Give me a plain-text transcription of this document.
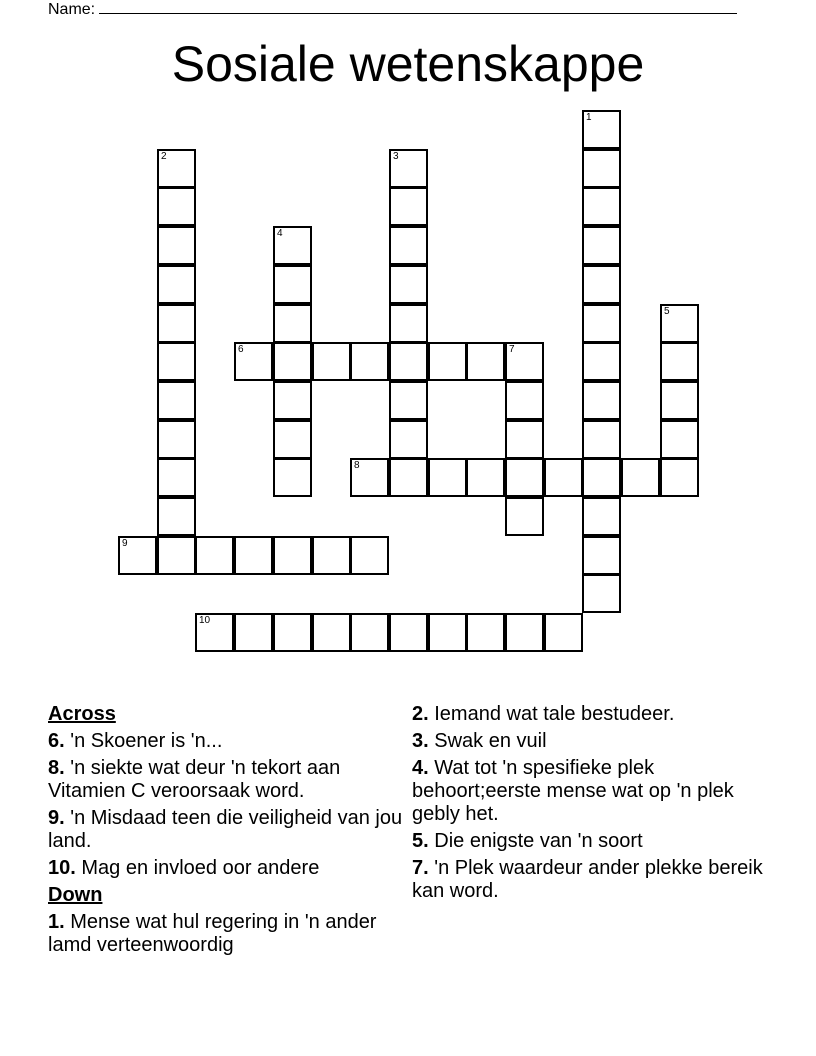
Name:
Sosiale wetenskappe
1
2	3
4
5
6	7
8
9
10
Across
6. 'n Skoener is 'n...
8. 'n siekte wat deur 'n tekort aan Vitamien C veroorsaak word.
9. 'n Misdaad teen die veiligheid van jou land.
10. Mag en invloed oor andere
Down
1. Mense wat hul regering in 'n ander lamd verteenwoordig
2. Iemand wat tale bestudeer.
3. Swak en vuil
4. Wat tot 'n spesifieke plek behoort;eerste mense wat op 'n plek gebly het.
5. Die enigste van 'n soort
7. 'n Plek waardeur ander plekke bereik kan word.
